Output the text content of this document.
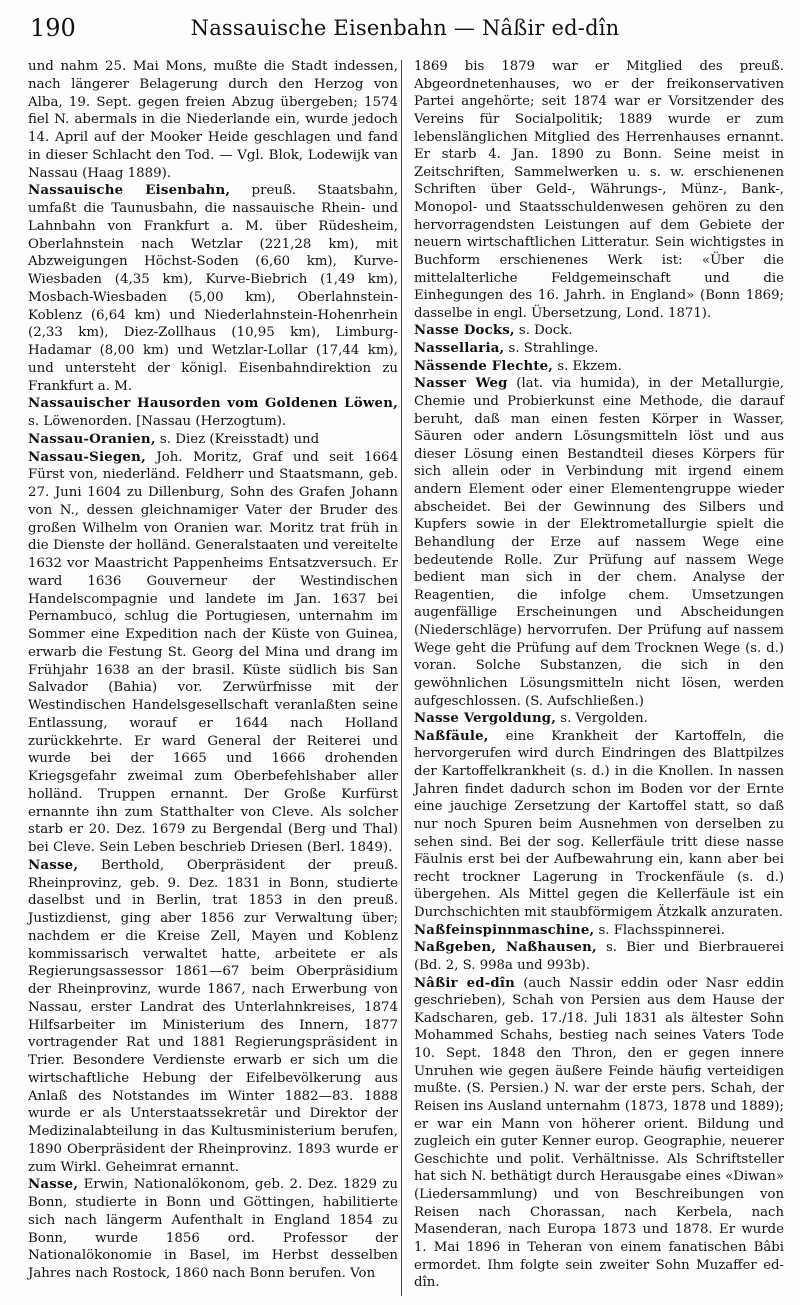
190	Nassauische Eisenbahn — Nâßir ed-dîn

und nahm 25. Mai Mons, mußte die Stadt indessen, nach längerer Belagerung durch den Herzog von Alba, 19. Sept. gegen freien Abzug übergeben; 1574 fiel N. abermals in die Niederlande ein, wurde jedoch 14. April auf der Mooker Heide geschlagen und fand in dieser Schlacht den Tod. — Vgl. Blok, Lodewijk van Nassau (Haag 1889).

Nassauische Eisenbahn, preuß. Staatsbahn, umfaßt die Taunusbahn, die nassauische Rhein- und Lahnbahn von Frankfurt a. M. über Rüdesheim, Oberlahnstein nach Wetzlar (221,28 km), mit Abzweigungen Höchst-Soden (6,60 km), Kurve-Wiesbaden (4,35 km), Kurve-Biebrich (1,49 km), Mosbach-Wiesbaden (5,00 km), Oberlahnstein-Koblenz (6,64 km) und Niederlahnstein-Hohenrhein (2,33 km), Diez-Zollhaus (10,95 km), Limburg-Hadamar (8,00 km) und Wetzlar-Lollar (17,44 km), und untersteht der königl. Eisenbahndirektion zu Frankfurt a. M.

Nassauischer Hausorden vom Goldenen Löwen, s. Löwenorden. [Nassau (Herzogtum).

Nassau-Oranien, s. Diez (Kreisstadt) und

Nassau-Siegen, Joh. Moritz, Graf und seit 1664 Fürst von, niederländ. Feldherr und Staatsmann, geb. 27. Juni 1604 zu Dillenburg, Sohn des Grafen Johann von N., dessen gleichnamiger Vater der Bruder des großen Wilhelm von Oranien war. Moritz trat früh in die Dienste der holländ. Generalstaaten und vereitelte 1632 vor Maastricht Pappenheims Entsatzversuch. Er ward 1636 Gouverneur der Westindischen Handelscompagnie und landete im Jan. 1637 bei Pernambuco, schlug die Portugiesen, unternahm im Sommer eine Expedition nach der Küste von Guinea, erwarb die Festung St. Georg del Mina und drang im Frühjahr 1638 an der brasil. Küste südlich bis San Salvador (Bahia) vor. Zerwürfnisse mit der Westindischen Handelsgesellschaft veranlaßten seine Entlassung, worauf er 1644 nach Holland zurückkehrte. Er ward General der Reiterei und wurde bei der 1665 und 1666 drohenden Kriegsgefahr zweimal zum Oberbefehlshaber aller holländ. Truppen ernannt. Der Große Kurfürst ernannte ihn zum Statthalter von Cleve. Als solcher starb er 20. Dez. 1679 zu Bergendal (Berg und Thal) bei Cleve. Sein Leben beschrieb Driesen (Berl. 1849).

Nasse, Berthold, Oberpräsident der preuß. Rheinprovinz, geb. 9. Dez. 1831 in Bonn, studierte daselbst und in Berlin, trat 1853 in den preuß. Justizdienst, ging aber 1856 zur Verwaltung über; nachdem er die Kreise Zell, Mayen und Koblenz kommissarisch verwaltet hatte, arbeitete er als Regierungsassessor 1861—67 beim Oberpräsidium der Rheinprovinz, wurde 1867, nach Erwerbung von Nassau, erster Landrat des Unterlahnkreises, 1874 Hilfsarbeiter im Ministerium des Innern, 1877 vortragender Rat und 1881 Regierungspräsident in Trier. Besondere Verdienste erwarb er sich um die wirtschaftliche Hebung der Eifelbevölkerung aus Anlaß des Notstandes im Winter 1882—83. 1888 wurde er als Unterstaatssekretär und Direktor der Medizinalabteilung in das Kultusministerium berufen, 1890 Oberpräsident der Rheinprovinz. 1893 wurde er zum Wirkl. Geheimrat ernannt.

Nasse, Erwin, Nationalökonom, geb. 2. Dez. 1829 zu Bonn, studierte in Bonn und Göttingen, habilitierte sich nach längerm Aufenthalt in England 1854 zu Bonn, wurde 1856 ord. Professor der Nationalökonomie in Basel, im Herbst desselben Jahres nach Rostock, 1860 nach Bonn berufen. Von

1869 bis 1879 war er Mitglied des preuß. Abgeordnetenhauses, wo er der freikonservativen Partei angehörte; seit 1874 war er Vorsitzender des Vereins für Socialpolitik; 1889 wurde er zum lebenslänglichen Mitglied des Herrenhauses ernannt. Er starb 4. Jan. 1890 zu Bonn. Seine meist in Zeitschriften, Sammelwerken u. s. w. erschienenen Schriften über Geld-, Währungs-, Münz-, Bank-, Monopol- und Staatsschuldenwesen gehören zu den hervorragendsten Leistungen auf dem Gebiete der neuern wirtschaftlichen Litteratur. Sein wichtigstes in Buchform erschienenes Werk ist: «Über die mittelalterliche Feldgemeinschaft und die Einhegungen des 16. Jahrh. in England» (Bonn 1869; dasselbe in engl. Übersetzung, Lond. 1871).

Nasse Docks, s. Dock.

Nassellaria, s. Strahlinge.

Nässende Flechte, s. Ekzem.

Nasser Weg (lat. via humida), in der Metallurgie, Chemie und Probierkunst eine Methode, die darauf beruht, daß man einen festen Körper in Wasser, Säuren oder andern Lösungsmitteln löst und aus dieser Lösung einen Bestandteil dieses Körpers für sich allein oder in Verbindung mit irgend einem andern Element oder einer Elementengruppe wieder abscheidet. Bei der Gewinnung des Silbers und Kupfers sowie in der Elektrometallurgie spielt die Behandlung der Erze auf nassem Wege eine bedeutende Rolle. Zur Prüfung auf nassem Wege bedient man sich in der chem. Analyse der Reagentien, die infolge chem. Umsetzungen augenfällige Erscheinungen und Abscheidungen (Niederschläge) hervorrufen. Der Prüfung auf nassem Wege geht die Prüfung auf dem Trocknen Wege (s. d.) voran. Solche Substanzen, die sich in den gewöhnlichen Lösungsmitteln nicht lösen, werden aufgeschlossen. (S. Aufschließen.)

Nasse Vergoldung, s. Vergolden.

Naßfäule, eine Krankheit der Kartoffeln, die hervorgerufen wird durch Eindringen des Blattpilzes der Kartoffelkrankheit (s. d.) in die Knollen. In nassen Jahren findet dadurch schon im Boden vor der Ernte eine jauchige Zersetzung der Kartoffel statt, so daß nur noch Spuren beim Ausnehmen von derselben zu sehen sind. Bei der sog. Kellerfäule tritt diese nasse Fäulnis erst bei der Aufbewahrung ein, kann aber bei recht trockner Lagerung in Trockenfäule (s. d.) übergehen. Als Mittel gegen die Kellerfäule ist ein Durchschichten mit staubförmigem Ätzkalk anzuraten.

Naßfeinspinnmaschine, s. Flachsspinnerei.

Naßgeben, Naßhausen, s. Bier und Bierbrauerei (Bd. 2, S. 998a und 993b).

Nâßir ed-dîn (auch Nassir eddin oder Nasr eddin geschrieben), Schah von Persien aus dem Hause der Kadscharen, geb. 17./18. Juli 1831 als ältester Sohn Mohammed Schahs, bestieg nach seines Vaters Tode 10. Sept. 1848 den Thron, den er gegen innere Unruhen wie gegen äußere Feinde häufig verteidigen mußte. (S. Persien.) N. war der erste pers. Schah, der Reisen ins Ausland unternahm (1873, 1878 und 1889); er war ein Mann von höherer orient. Bildung und zugleich ein guter Kenner europ. Geographie, neuerer Geschichte und polit. Verhältnisse. Als Schriftsteller hat sich N. bethätigt durch Herausgabe eines «Diwan» (Liedersammlung) und von Beschreibungen von Reisen nach Chorassan, nach Kerbela, nach Masenderan, nach Europa 1873 und 1878. Er wurde 1. Mai 1896 in Teheran von einem fanatischen Bâbi ermordet. Ihm folgte sein zweiter Sohn Muzaffer ed-dîn.
